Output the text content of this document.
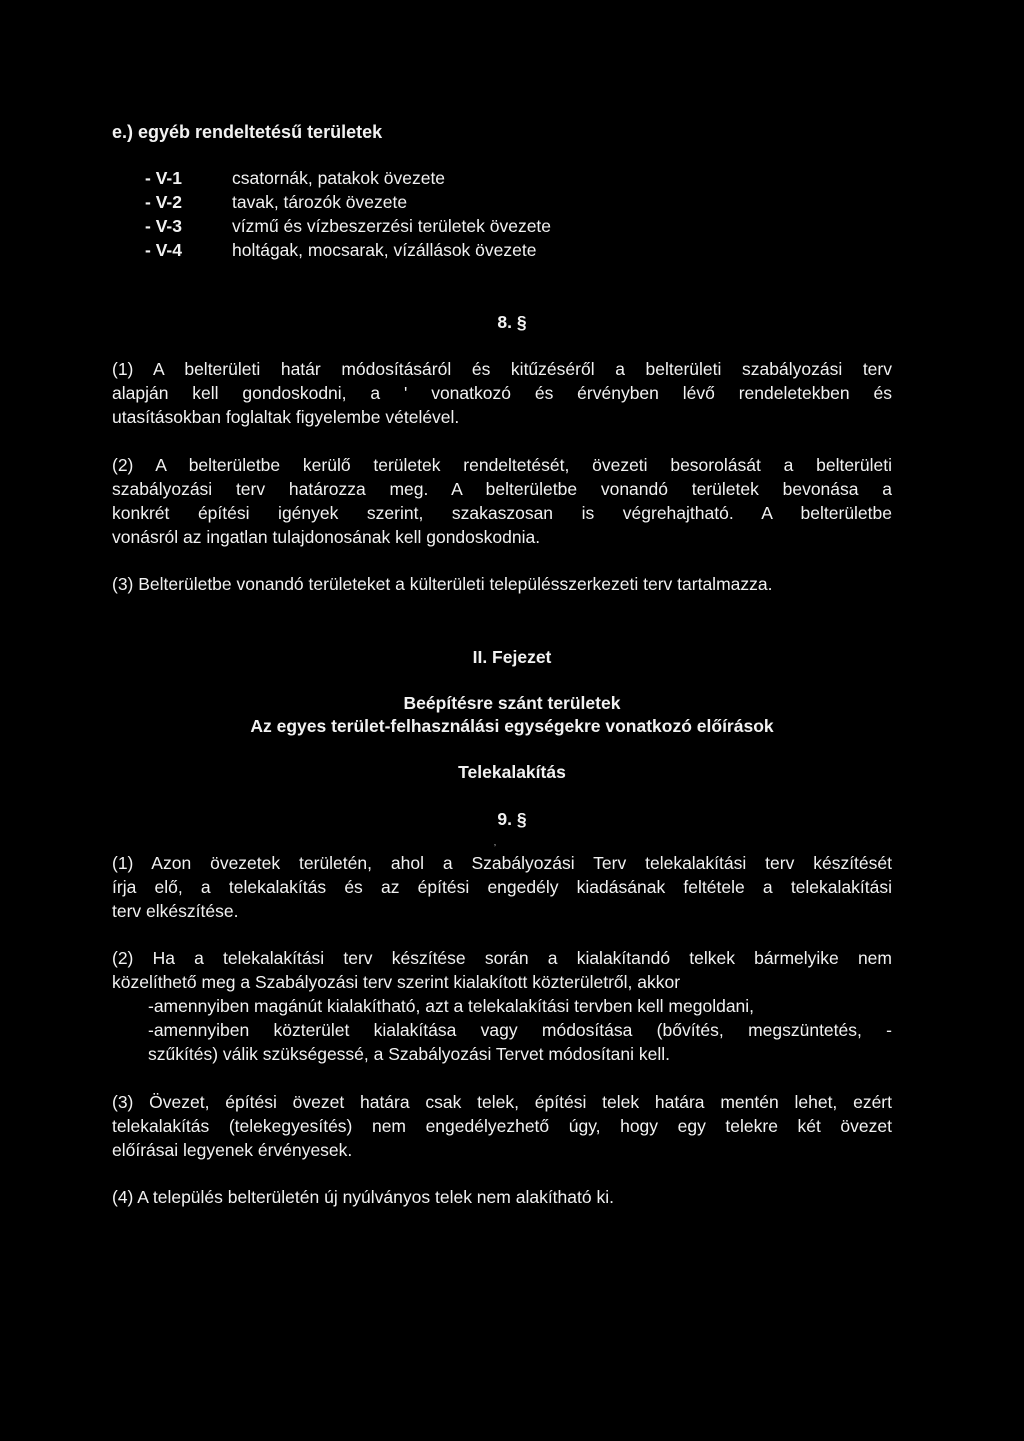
e.) egyéb rendeltetésű területek
- V-1	csatornák, patakok övezete
- V-2	tavak, tározók övezete
- V-3	vízmű és vízbeszerzési területek övezete
- V-4	holtágak, mocsarak, vízállások övezete
8. §
(1) A belterületi határ módosításáról és kitűzéséről a belterületi szabályozási terv
alapján kell gondoskodni, a ' vonatkozó és érvényben lévő rendeletekben és
utasításokban foglaltak figyelembe vételével.
(2) A belterületbe kerülő területek rendeltetését, övezeti besorolását a belterületi
szabályozási terv határozza meg. A belterületbe vonandó területek bevonása a
konkrét építési igények szerint, szakaszosan is végrehajtható. A belterületbe
vonásról az ingatlan tulajdonosának kell gondoskodnia.
(3) Belterületbe vonandó területeket a külterületi településszerkezeti terv tartalmazza.
II. Fejezet
Beépítésre szánt területek
Az egyes terület-felhasználási egységekre vonatkozó előírások
Telekalakítás
9. §
ʼ
(1) Azon övezetek területén, ahol a Szabályozási Terv telekalakítási terv készítését
írja elő, a telekalakítás és az építési engedély kiadásának feltétele a telekalakítási
terv elkészítése.
(2) Ha a telekalakítási terv készítése során a kialakítandó telkek bármelyike nem
közelíthető meg a Szabályozási terv szerint kialakított közterületről, akkor
-amennyiben magánút kialakítható, azt a telekalakítási tervben kell megoldani,
-amennyiben közterület kialakítása vagy módosítása (bővítés, megszüntetés, -
szűkítés) válik szükségessé, a Szabályozási Tervet módosítani kell.
(3) Övezet, építési övezet határa csak telek, építési telek határa mentén lehet, ezért
telekalakítás (telekegyesítés) nem engedélyezhető úgy, hogy egy telekre két övezet
előírásai legyenek érvényesek.
(4) A település belterületén új nyúlványos telek nem alakítható ki.
